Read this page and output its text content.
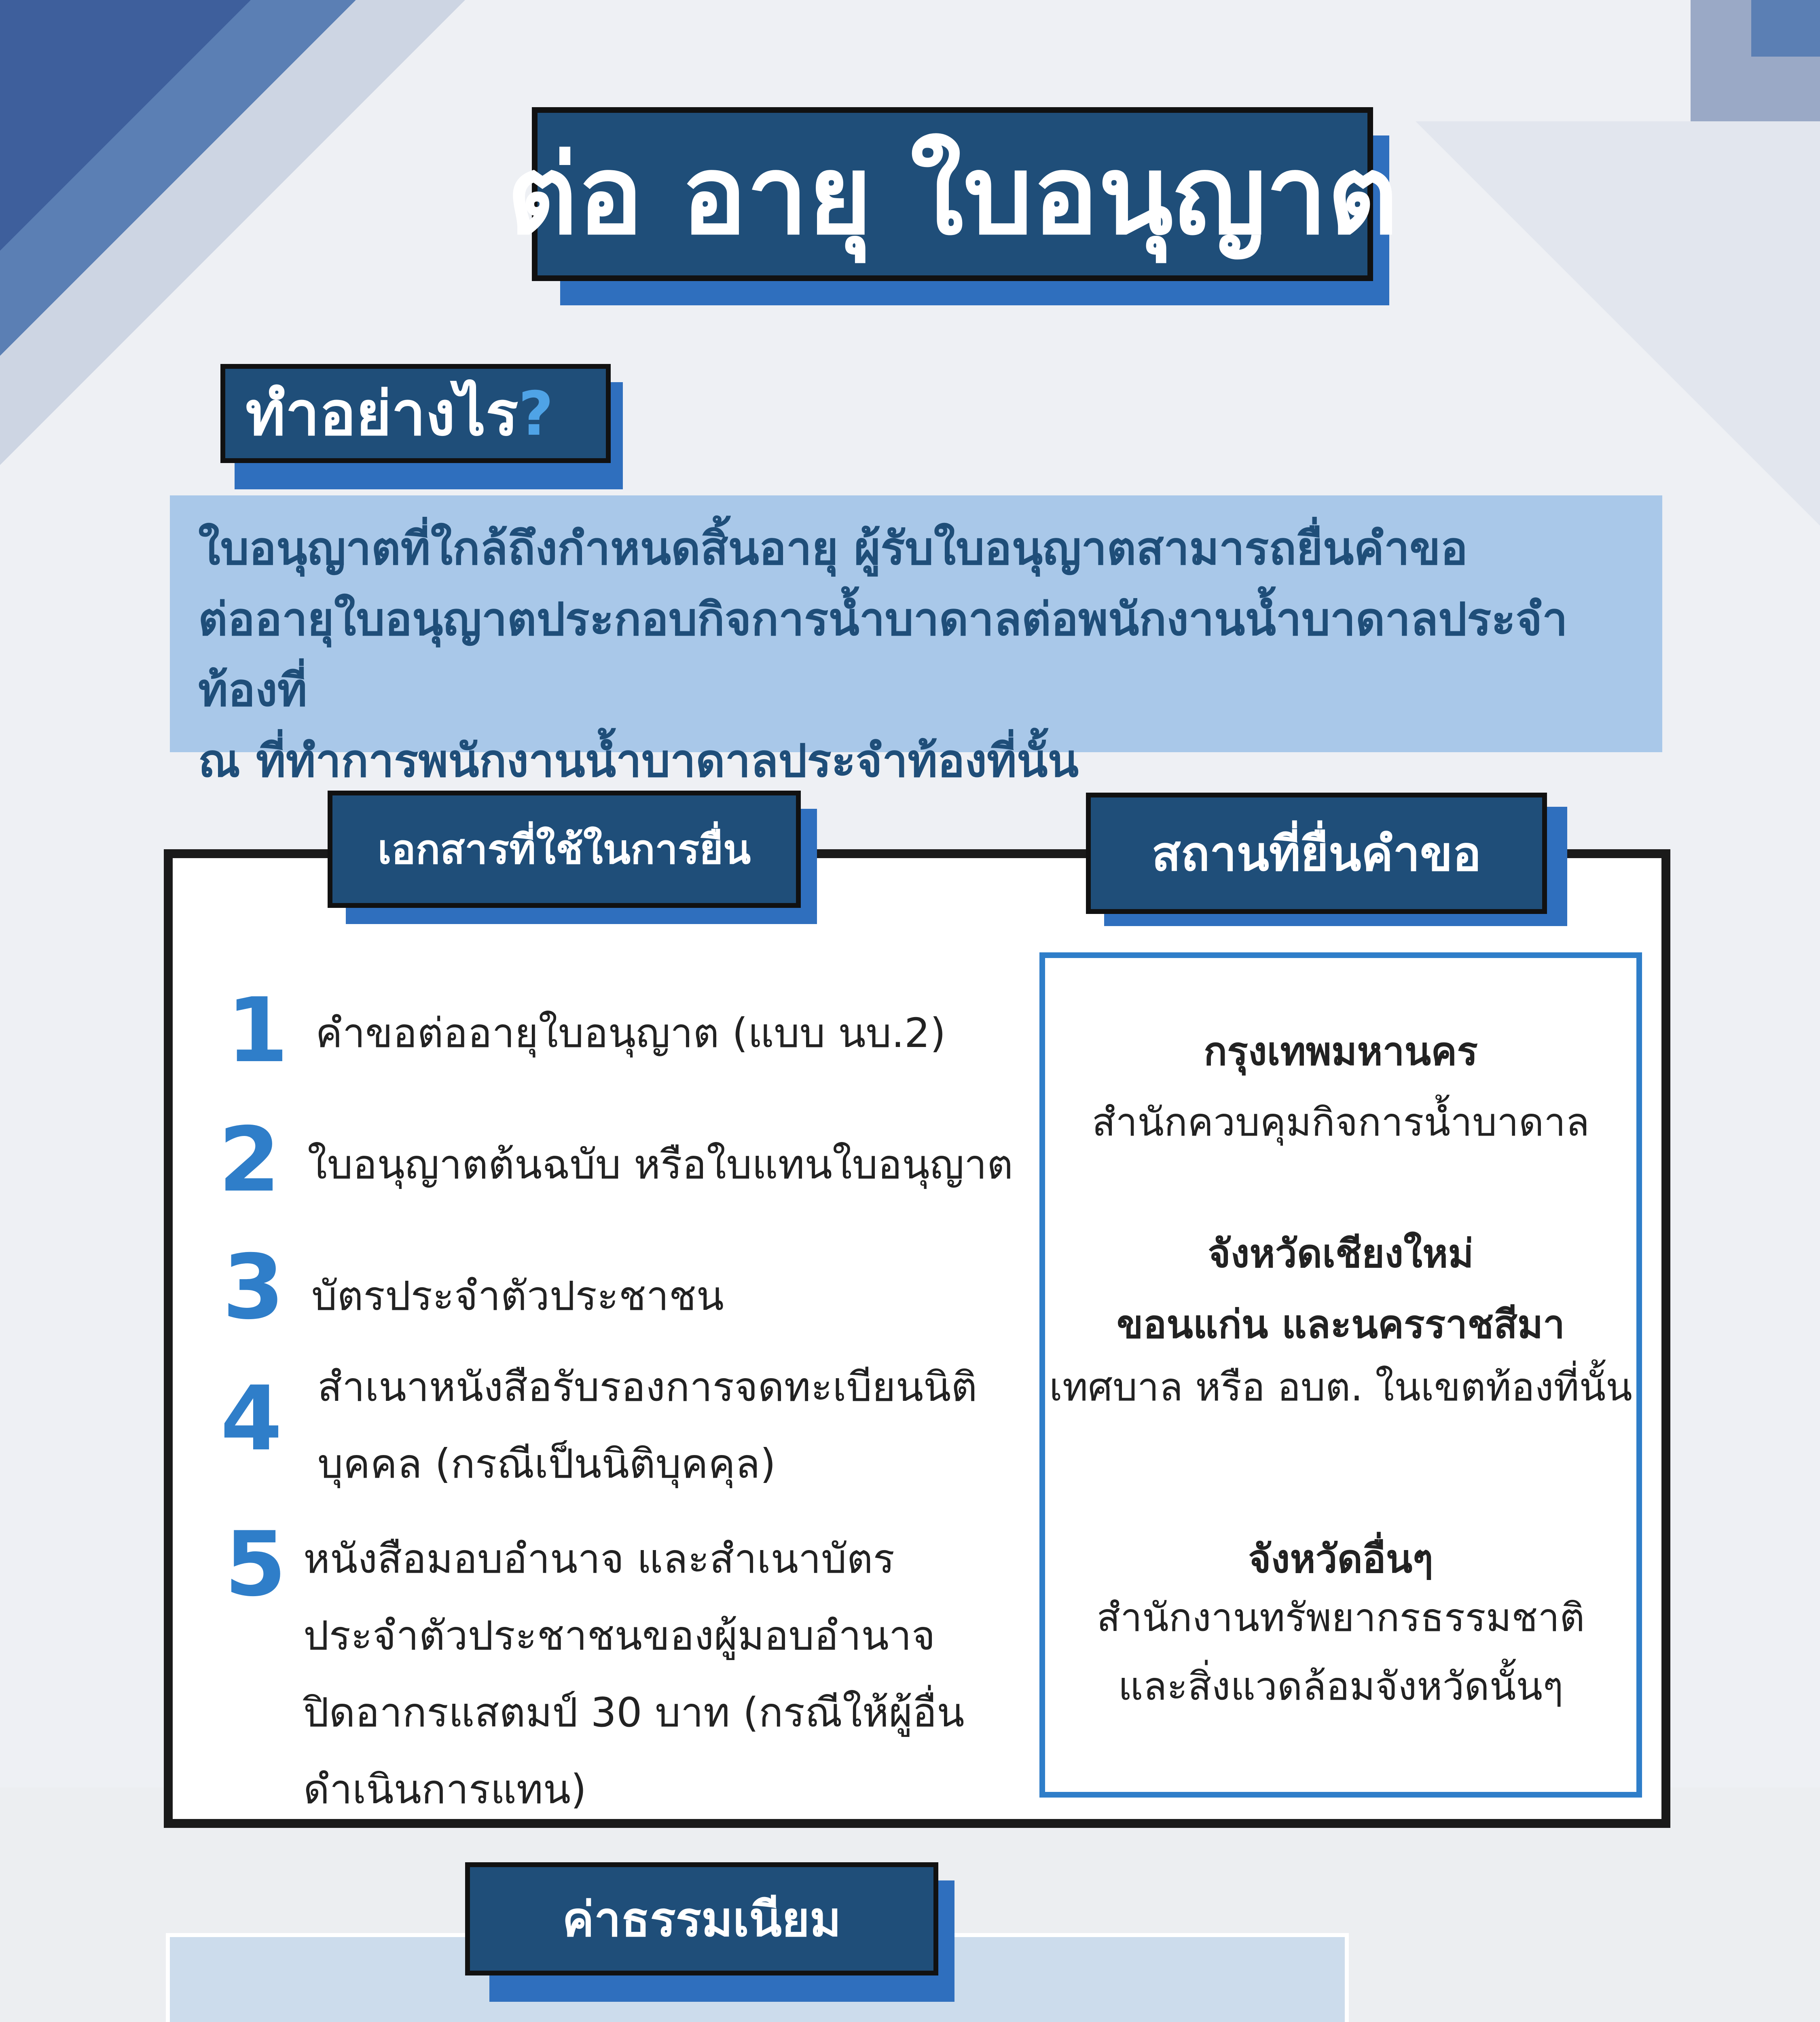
ต่อ อายุ ใบอนุญาต
ทำอย่างไร?

ใบอนุญาตที่ใกล้ถึงกำหนดสิ้นอายุ ผู้รับใบอนุญาตสามารถยื่นคำขอ

ต่ออายุใบอนุญาตประกอบกิจการน้ำบาดาลต่อพนักงานน้ำบาดาลประจำท้องที่

ณ ที่ทำการพนักงานน้ำบาดาลประจำท้องที่นั้น

เอกสารที่ใช้ในการยื่น	สถานที่ยื่นคำขอ
1 คำขอต่ออายุใบอนุญาต (แบบ นบ.2)

2 ใบอนุญาตต้นฉบับ หรือใบแทนใบอนุญาต

3 บัตรประจำตัวประชาชน

4 สำเนาหนังสือรับรองการจดทะเบียนนิติ

บุคคล (กรณีเป็นนิติบุคคุล)

5 หนังสือมอบอำนาจ และสำเนาบัตร

ประจำตัวประชาชนของผู้มอบอำนาจ

ปิดอากรแสตมป์ 30 บาท (กรณีให้ผู้อื่น

ดำเนินการแทน)

กรุงเทพมหานคร
สำนักควบคุมกิจการน้ำบาดาล
จังหวัดเชียงใหม่
ขอนแก่น และนครราชสีมา
เทศบาล หรือ อบต. ในเขตท้องที่นั้น
จังหวัดอื่นๆ
สำนักงานทรัพยากรธรรมชาติ
และสิ่งแวดล้อมจังหวัดนั้นๆ
ค่าธรรมเนียม
